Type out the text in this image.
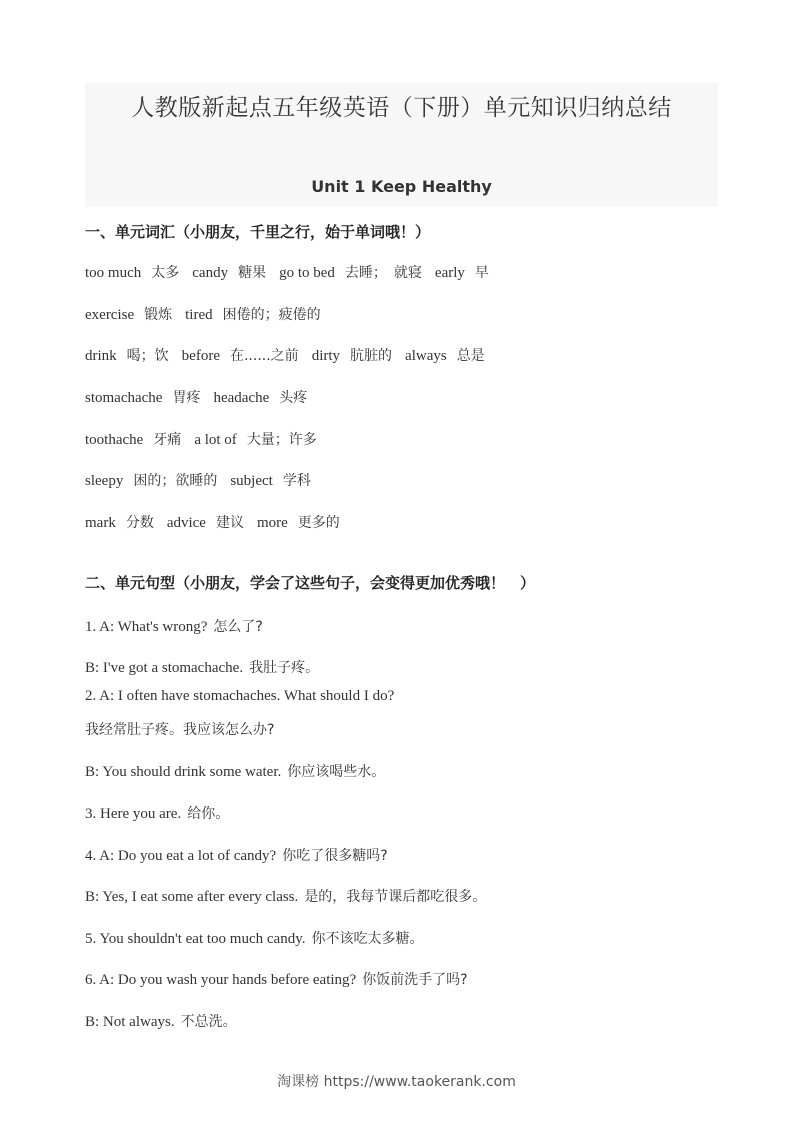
人教版新起点五年级英语（下册）单元知识归纳总结
Unit 1 Keep Healthy
一、单元词汇（小朋友，千里之行，始于单词哦！）
too much 太多 candy 糖果 go to bed 去睡；　就寝 early 早
exercise 锻炼 tired 困倦的；疲倦的
drink 喝；饮 before 在......之前 dirty 肮脏的 always 总是
stomachache 胃疼 headache 头疼
toothache 牙痛 a lot of 大量；许多
sleepy 困的；欲睡的 subject 学科
mark 分数 advice 建议 more 更多的
二、单元句型（小朋友，学会了这些句子，会变得更加优秀哦！　）
1. A: What's wrong? 怎么了?
B: I've got a stomachache. 我肚子疼。
2. A: I often have stomachaches. What should I do?
我经常肚子疼。我应该怎么办?
B: You should drink some water. 你应该喝些水。
3. Here you are. 给你。
4. A: Do you eat a lot of candy? 你吃了很多糖吗?
B: Yes, I eat some after every class. 是的，我每节课后都吃很多。
5. You shouldn't eat too much candy. 你不该吃太多糖。
6. A: Do you wash your hands before eating? 你饭前洗手了吗?
B: Not always. 不总洗。
淘课榜 https://www.taokerank.com
